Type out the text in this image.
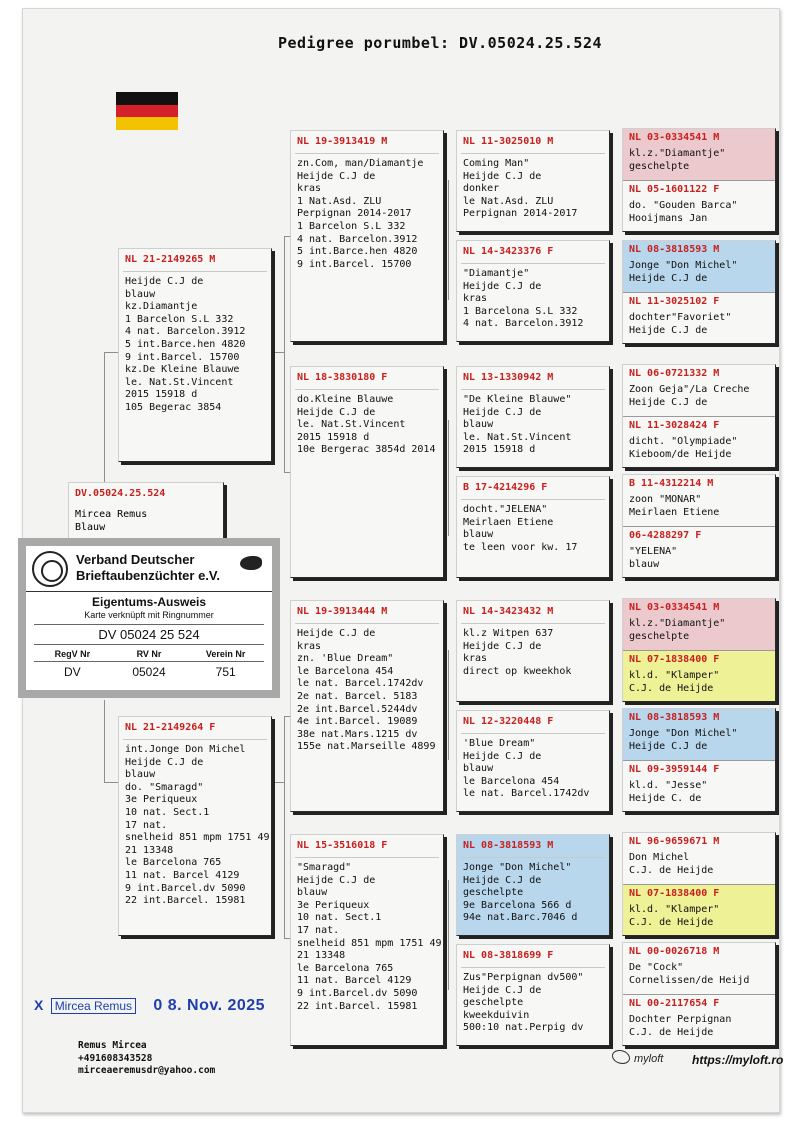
Pedigree porumbel: DV.05024.25.524
DV.05024.25.524
Mircea Remus
Blauw
NL 21-2149265 M
Heijde C.J de
blauw
kz.Diamantje
1 Barcelon S.L 332
4 nat. Barcelon.3912
5 int.Barce.hen 4820
9 int.Barcel. 15700
kz.De Kleine Blauwe
le. Nat.St.Vincent
2015 15918 d
105 Begerac 3854
NL 21-2149264 F
int.Jonge Don Michel
Heijde C.J de
blauw
do. "Smaragd"
3e Periqueux
10 nat. Sect.1
17 nat.
snelheid 851 mpm 1751 49
21 13348
le Barcelona 765
11 nat. Barcel 4129
9 int.Barcel.dv 5090
22 int.Barcel. 15981
NL 19-3913419 M
zn.Com, man/Diamantje
Heijde C.J de
kras
1 Nat.Asd. ZLU
Perpignan 2014-2017
1 Barcelon S.L 332
4 nat. Barcelon.3912
5 int.Barce.hen 4820
9 int.Barcel. 15700
NL 18-3830180 F
do.Kleine Blauwe
Heijde C.J de
le. Nat.St.Vincent
2015 15918 d
10e Bergerac 3854d 2014
NL 19-3913444 M
Heijde C.J de
kras
zn. 'Blue Dream"
le Barcelona 454
le nat. Barcel.1742dv
2e nat. Barcel. 5183
2e int.Barcel.5244dv
4e int.Barcel. 19089
38e nat.Mars.1215 dv
155e nat.Marseille 4899
NL 15-3516018 F
"Smaragd"
Heijde C.J de
blauw
3e Periqueux
10 nat. Sect.1
17 nat.
snelheid 851 mpm 1751 49
21 13348
le Barcelona 765
11 nat. Barcel 4129
9 int.Barcel.dv 5090
22 int.Barcel. 15981
NL 11-3025010 M
Coming Man"
Heijde C.J de
donker
le Nat.Asd. ZLU
Perpignan 2014-2017
NL 14-3423376 F
"Diamantje"
Heijde C.J de
kras
1 Barcelona S.L 332
4 nat. Barcelon.3912
NL 13-1330942 M
"De Kleine Blauwe"
Heijde C.J de
blauw
le. Nat.St.Vincent
2015 15918 d
B 17-4214296 F
docht."JELENA"
Meirlaen Etiene
blauw
te leen voor kw. 17
NL 14-3423432 M
kl.z Witpen 637
Heijde C.J de
kras
direct op kweekhok
NL 12-3220448 F
'Blue Dream"
Heijde C.J de
blauw
le Barcelona 454
le nat. Barcel.1742dv
NL 08-3818593 M
Jonge "Don Michel"
Heijde C.J de
geschelpte
9e Barcelona 566 d
94e nat.Barc.7046 d
NL 08-3818699 F
Zus"Perpignan dv500"
Heijde C.J de
geschelpte
kweekduivin
500:10 nat.Perpig dv
NL 03-0334541 M
kl.z."Diamantje"
geschelpte
NL 05-1601122 F
do. "Gouden Barca"
Hooijmans Jan
NL 08-3818593 M
Jonge "Don Michel"
Heijde C.J de
NL 11-3025102 F
dochter"Favoriet"
Heijde C.J de
NL 06-0721332 M
Zoon Geja"/La Creche
Heijde C.J de
NL 11-3028424 F
dicht. "Olympiade"
Kieboom/de Heijde
B 11-4312214 M
zoon "MONAR"
Meirlaen Etiene
06-4288297 F
"YELENA"
blauw
NL 03-0334541 M
kl.z."Diamantje"
geschelpte
NL 07-1838400 F
kl.d. "Klamper"
C.J. de Heijde
NL 08-3818593 M
Jonge "Don Michel"
Heijde C.J de
NL 09-3959144 F
kl.d. "Jesse"
Heijde C. de
NL 96-9659671 M
Don Michel
C.J. de Heijde
NL 07-1838400 F
kl.d. "Klamper"
C.J. de Heijde
NL 00-0026718 M
De "Cock"
Cornelissen/de Heijd
NL 00-2117654 F
Dochter Perpignan
C.J. de Heijde
Verband Deutscher
Brieftaubenzüchter e.V.
Eigentums-Ausweis
Karte verknüpft mit Ringnummer
DV 05024 25 524
RegV Nr
DV
RV Nr
05024
Verein Nr
751
X Mircea Remus 0 8. Nov. 2025
Remus Mircea
+491608343528
mirceaeremusdr@yahoo.com
myloft https://myloft.ro
